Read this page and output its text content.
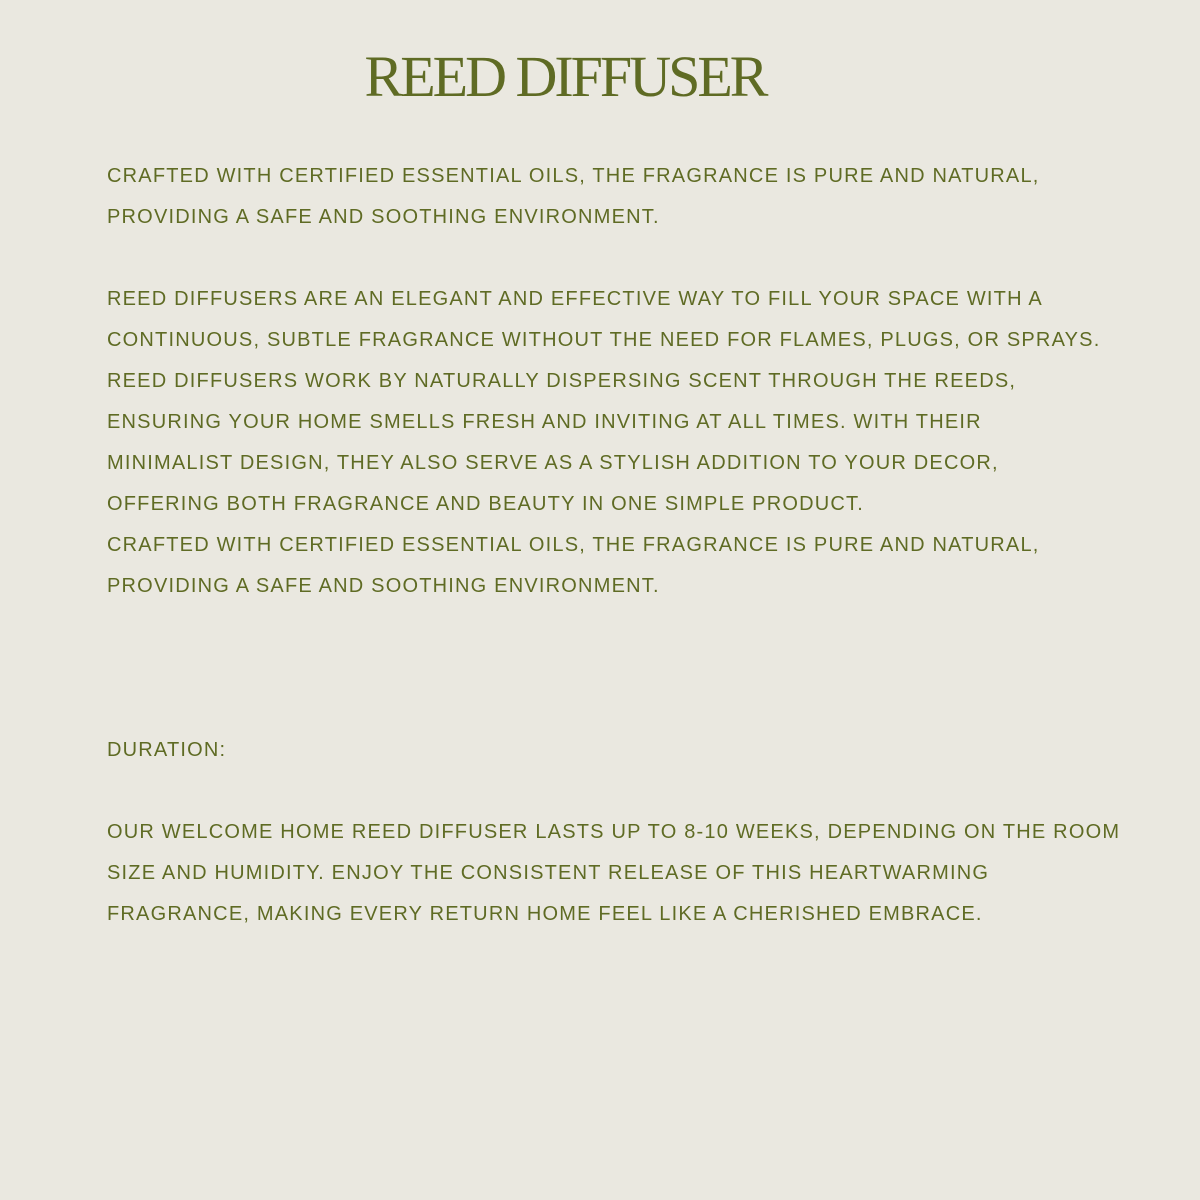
REED DIFFUSER

CRAFTED WITH CERTIFIED ESSENTIAL OILS, THE FRAGRANCE IS PURE AND NATURAL,
PROVIDING A SAFE AND SOOTHING ENVIRONMENT.

REED DIFFUSERS ARE AN ELEGANT AND EFFECTIVE WAY TO FILL YOUR SPACE WITH A
CONTINUOUS, SUBTLE FRAGRANCE WITHOUT THE NEED FOR FLAMES, PLUGS, OR SPRAYS.
REED DIFFUSERS WORK BY NATURALLY DISPERSING SCENT THROUGH THE REEDS,
ENSURING YOUR HOME SMELLS FRESH AND INVITING AT ALL TIMES. WITH THEIR
MINIMALIST DESIGN, THEY ALSO SERVE AS A STYLISH ADDITION TO YOUR DECOR,
OFFERING BOTH FRAGRANCE AND BEAUTY IN ONE SIMPLE PRODUCT.
CRAFTED WITH CERTIFIED ESSENTIAL OILS, THE FRAGRANCE IS PURE AND NATURAL,
PROVIDING A SAFE AND SOOTHING ENVIRONMENT.

DURATION:

OUR WELCOME HOME REED DIFFUSER LASTS UP TO 8-10 WEEKS, DEPENDING ON THE ROOM
SIZE AND HUMIDITY. ENJOY THE CONSISTENT RELEASE OF THIS HEARTWARMING
FRAGRANCE, MAKING EVERY RETURN HOME FEEL LIKE A CHERISHED EMBRACE.
